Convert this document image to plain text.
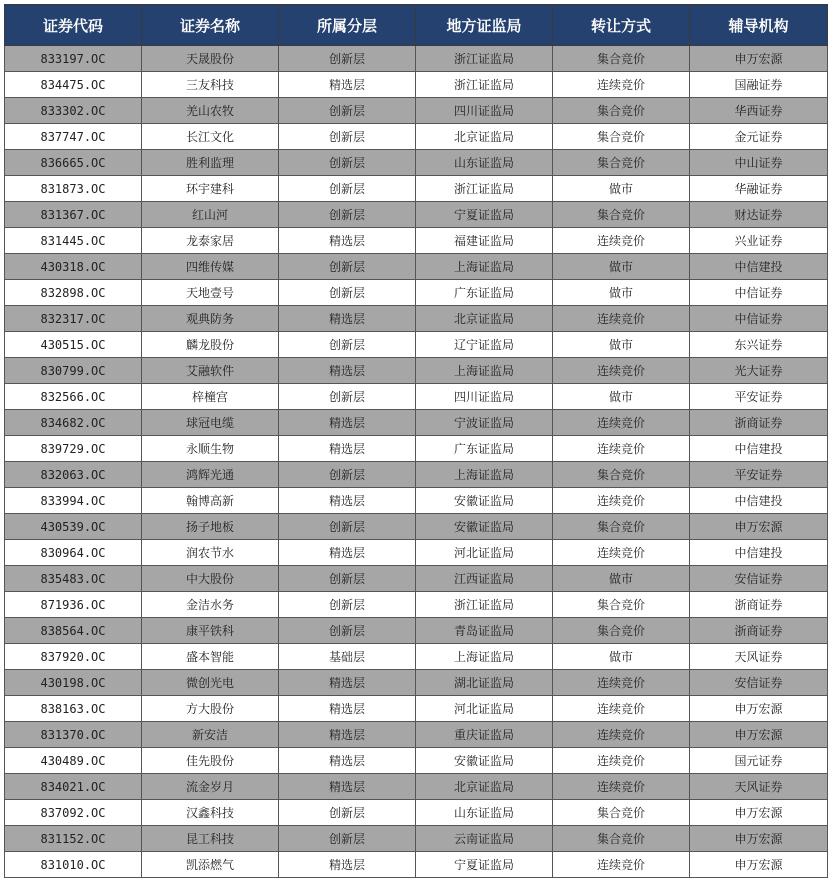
证券代码	证券名称	所属分层	地方证监局	转让方式	辅导机构
833197.OC	天晟股份	创新层	浙江证监局	集合竞价	申万宏源
834475.OC	三友科技	精选层	浙江证监局	连续竞价	国融证券
833302.OC	羌山农牧	创新层	四川证监局	集合竞价	华西证券
837747.OC	长江文化	创新层	北京证监局	集合竞价	金元证券
836665.OC	胜利监理	创新层	山东证监局	集合竞价	中山证券
831873.OC	环宇建科	创新层	浙江证监局	做市	华融证券
831367.OC	红山河	创新层	宁夏证监局	集合竞价	财达证券
831445.OC	龙泰家居	精选层	福建证监局	连续竞价	兴业证券
430318.OC	四维传媒	创新层	上海证监局	做市	中信建投
832898.OC	天地壹号	创新层	广东证监局	做市	中信证券
832317.OC	观典防务	精选层	北京证监局	连续竞价	中信证券
430515.OC	麟龙股份	创新层	辽宁证监局	做市	东兴证券
830799.OC	艾融软件	精选层	上海证监局	连续竞价	光大证券
832566.OC	梓橦宫	创新层	四川证监局	做市	平安证券
834682.OC	球冠电缆	精选层	宁波证监局	连续竞价	浙商证券
839729.OC	永顺生物	精选层	广东证监局	连续竞价	中信建投
832063.OC	鸿辉光通	创新层	上海证监局	集合竞价	平安证券
833994.OC	翰博高新	精选层	安徽证监局	连续竞价	中信建投
430539.OC	扬子地板	创新层	安徽证监局	集合竞价	申万宏源
830964.OC	润农节水	精选层	河北证监局	连续竞价	中信建投
835483.OC	中大股份	创新层	江西证监局	做市	安信证券
871936.OC	金洁水务	创新层	浙江证监局	集合竞价	浙商证券
838564.OC	康平铁科	创新层	青岛证监局	集合竞价	浙商证券
837920.OC	盛本智能	基础层	上海证监局	做市	天风证券
430198.OC	微创光电	精选层	湖北证监局	连续竞价	安信证券
838163.OC	方大股份	精选层	河北证监局	连续竞价	申万宏源
831370.OC	新安洁	精选层	重庆证监局	连续竞价	申万宏源
430489.OC	佳先股份	精选层	安徽证监局	连续竞价	国元证券
834021.OC	流金岁月	精选层	北京证监局	连续竞价	天风证券
837092.OC	汉鑫科技	创新层	山东证监局	集合竞价	申万宏源
831152.OC	昆工科技	创新层	云南证监局	集合竞价	申万宏源
831010.OC	凯添燃气	精选层	宁夏证监局	连续竞价	申万宏源
